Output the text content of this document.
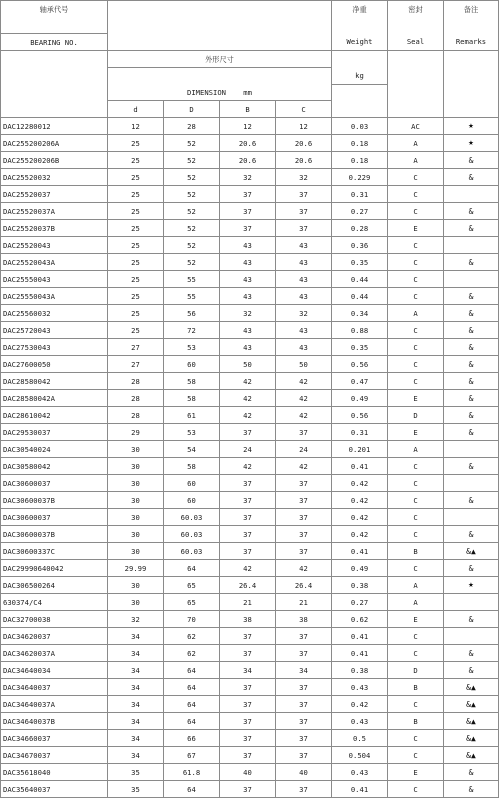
轴承代号					净重	密封	备注

BEARING NO.					Weight	Seal	Remarks
	外形尺寸						
					kg		
	DIMENSION mm						
	d	D	B	C			
DAC12280012	12	28	12	12	0.03	AC	★
DAC255200206A	25	52	20.6	20.6	0.18	A	★
DAC255200206B	25	52	20.6	20.6	0.18	A	&
DAC25520032	25	52	32	32	0.229	C	&
DAC25520037	25	52	37	37	0.31	C	
DAC25520037A	25	52	37	37	0.27	C	&
DAC25520037B	25	52	37	37	0.28	E	&
DAC25520043	25	52	43	43	0.36	C	
DAC25520043A	25	52	43	43	0.35	C	&
DAC25550043	25	55	43	43	0.44	C	
DAC25550043A	25	55	43	43	0.44	C	&
DAC25560032	25	56	32	32	0.34	A	&
DAC25720043	25	72	43	43	0.88	C	&
DAC27530043	27	53	43	43	0.35	C	&
DAC27600050	27	60	50	50	0.56	C	&
DAC28580042	28	58	42	42	0.47	C	&
DAC28580042A	28	58	42	42	0.49	E	&
DAC28610042	28	61	42	42	0.56	D	&
DAC29530037	29	53	37	37	0.31	E	&
DAC30540024	30	54	24	24	0.201	A	
DAC30580042	30	58	42	42	0.41	C	&
DAC30600037	30	60	37	37	0.42	C	
DAC30600037B	30	60	37	37	0.42	C	&
DAC30600037	30	60.03	37	37	0.42	C	
DAC30600037B	30	60.03	37	37	0.42	C	&
DAC30600337C	30	60.03	37	37	0.41	B	&▲
DAC29990640042	29.99	64	42	42	0.49	C	&
DAC306500264	30	65	26.4	26.4	0.38	A	★
630374/C4	30	65	21	21	0.27	A	
DAC32700038	32	70	38	38	0.62	E	&
DAC34620037	34	62	37	37	0.41	C	
DAC34620037A	34	62	37	37	0.41	C	&
DAC34640034	34	64	34	34	0.38	D	&
DAC34640037	34	64	37	37	0.43	B	&▲
DAC34640037A	34	64	37	37	0.42	C	&▲
DAC34640037B	34	64	37	37	0.43	B	&▲
DAC34660037	34	66	37	37	0.5	C	&▲
DAC34670037	34	67	37	37	0.504	C	&▲
DAC35618040	35	61.8	40	40	0.43	E	&
DAC35640037	35	64	37	37	0.41	C	&
